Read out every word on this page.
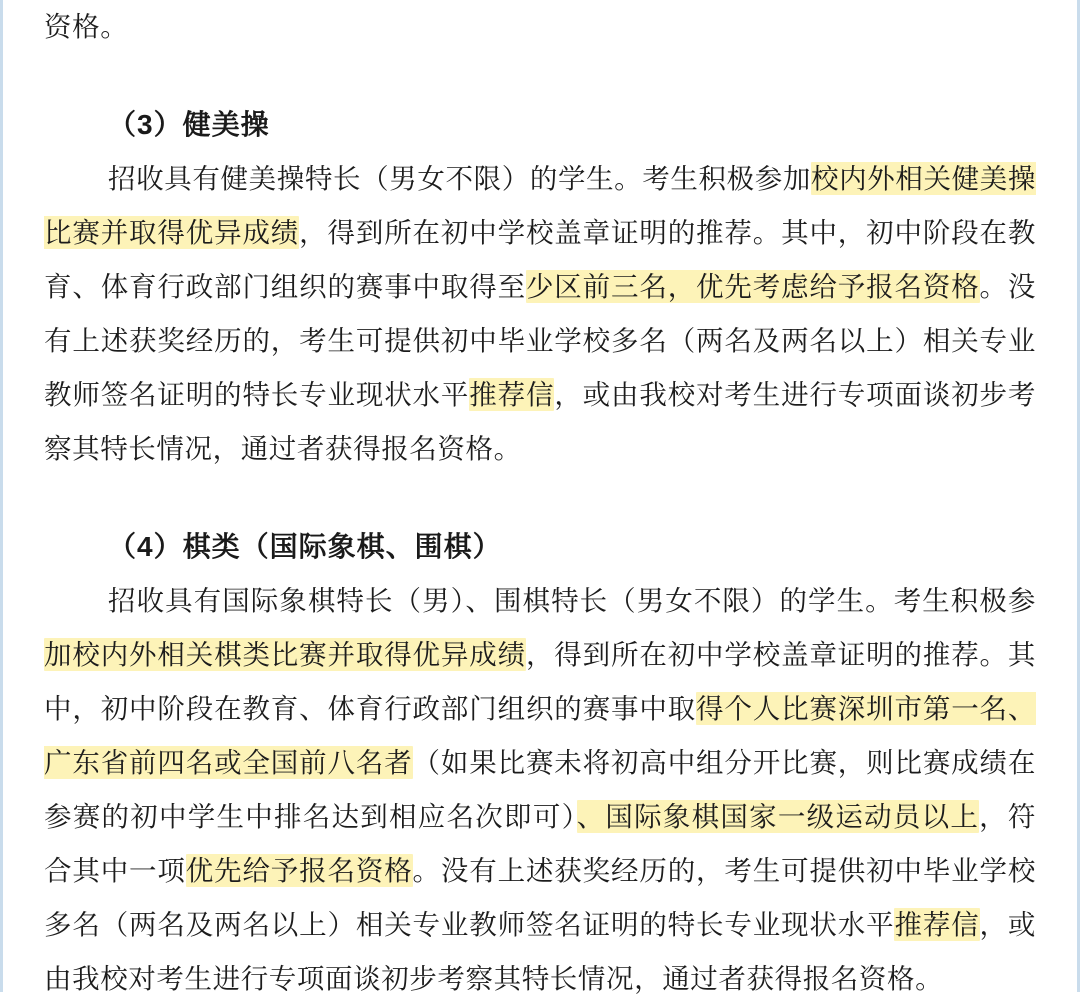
资格。

（3）健美操

招收具有健美操特长（男女不限）的学生。考生积极参加校内外相关健美操比赛并取得优异成绩，得到所在初中学校盖章证明的推荐。其中，初中阶段在教育、体育行政部门组织的赛事中取得至少区前三名，优先考虑给予报名资格。没有上述获奖经历的，考生可提供初中毕业学校多名（两名及两名以上）相关专业教师签名证明的特长专业现状水平推荐信，或由我校对考生进行专项面谈初步考察其特长情况，通过者获得报名资格。

（4）棋类（国际象棋、围棋）

招收具有国际象棋特长（男）、围棋特长（男女不限）的学生。考生积极参加校内外相关棋类比赛并取得优异成绩，得到所在初中学校盖章证明的推荐。其中，初中阶段在教育、体育行政部门组织的赛事中取得个人比赛深圳市第一名、广东省前四名或全国前八名者（如果比赛未将初高中组分开比赛，则比赛成绩在参赛的初中学生中排名达到相应名次即可）、国际象棋国家一级运动员以上，符合其中一项优先给予报名资格。没有上述获奖经历的，考生可提供初中毕业学校多名（两名及两名以上）相关专业教师签名证明的特长专业现状水平推荐信，或由我校对考生进行专项面谈初步考察其特长情况，通过者获得报名资格。
